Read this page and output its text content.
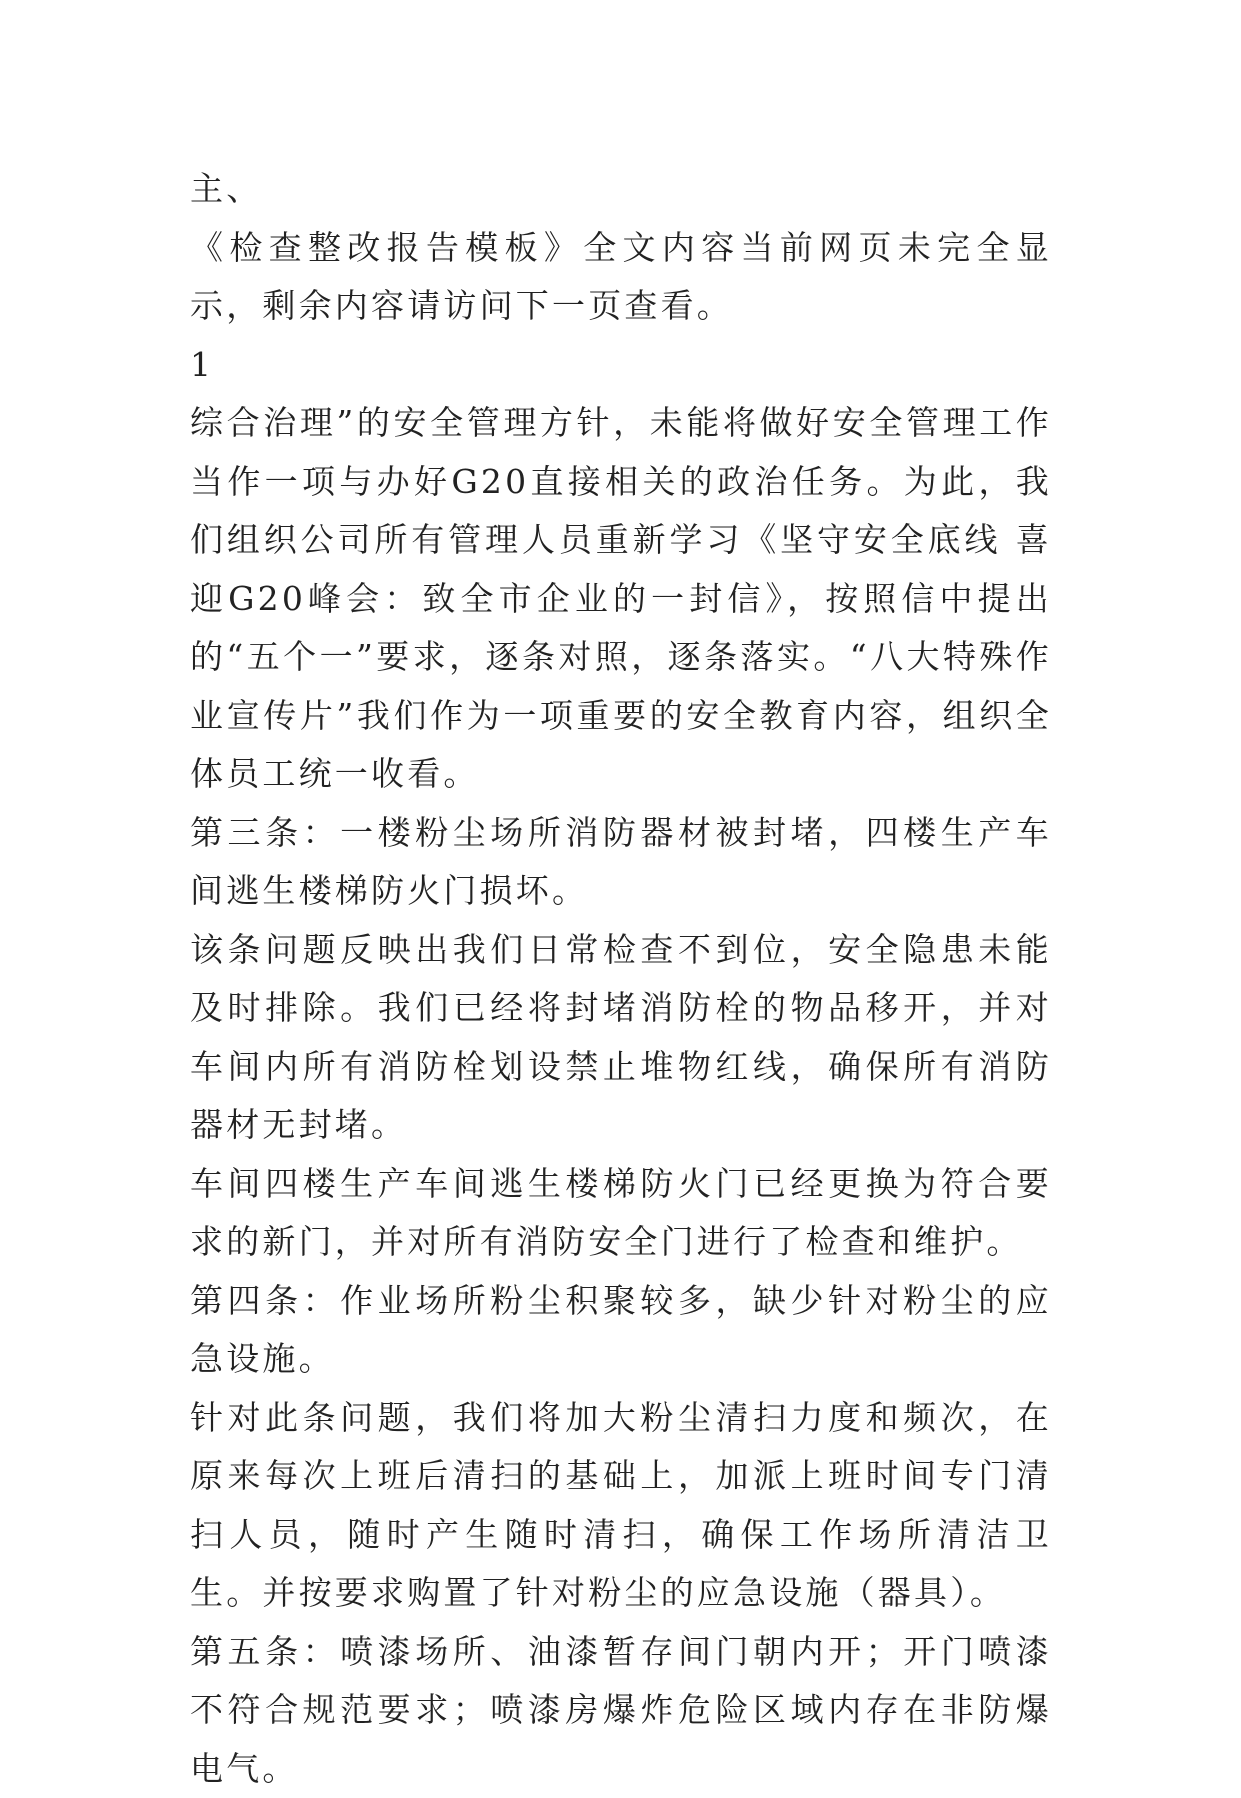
主、

《检查整改报告模板》全文内容当前网页未完全显示，剩余内容请访问下一页查看。

1

综合治理”的安全管理方针，未能将做好安全管理工作当作一项与办好G20直接相关的政治任务。为此，我们组织公司所有管理人员重新学习《坚守安全底线 喜迎G20峰会：致全市企业的一封信》，按照信中提出的“五个一”要求，逐条对照，逐条落实。“八大特殊作业宣传片”我们作为一项重要的安全教育内容，组织全体员工统一收看。

第三条：一楼粉尘场所消防器材被封堵，四楼生产车间逃生楼梯防火门损坏。

该条问题反映出我们日常检查不到位，安全隐患未能及时排除。我们已经将封堵消防栓的物品移开，并对车间内所有消防栓划设禁止堆物红线，确保所有消防器材无封堵。

车间四楼生产车间逃生楼梯防火门已经更换为符合要求的新门，并对所有消防安全门进行了检查和维护。

第四条：作业场所粉尘积聚较多，缺少针对粉尘的应急设施。

针对此条问题，我们将加大粉尘清扫力度和频次，在原来每次上班后清扫的基础上，加派上班时间专门清扫人员，随时产生随时清扫，确保工作场所清洁卫生。并按要求购置了针对粉尘的应急设施（器具）。

第五条：喷漆场所、油漆暂存间门朝内开；开门喷漆不符合规范要求；喷漆房爆炸危险区域内存在非防爆电气。
